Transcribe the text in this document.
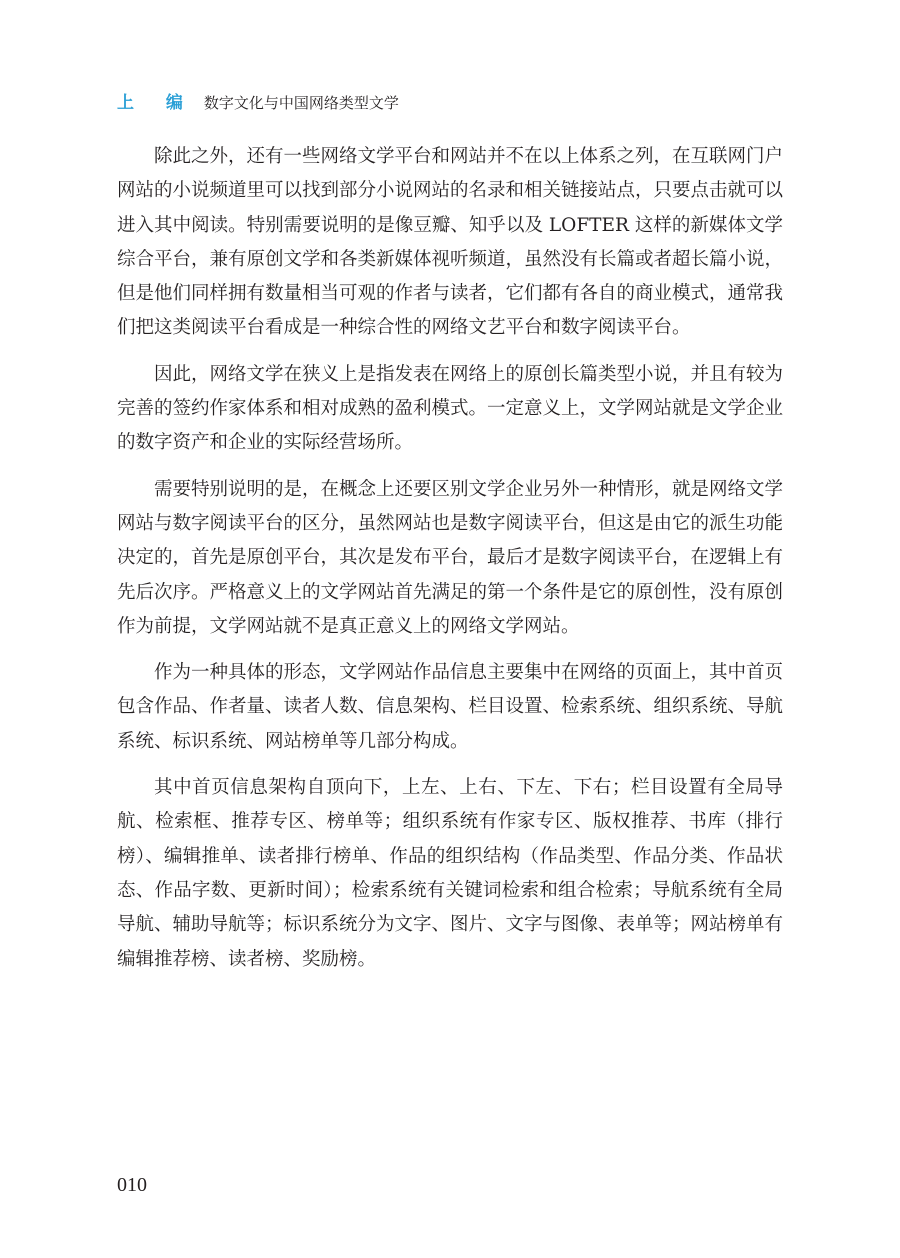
上 编 数字文化与中国网络类型文学

除此之外，还有一些网络文学平台和网站并不在以上体系之列，在互联网门户网站的小说频道里可以找到部分小说网站的名录和相关链接站点，只要点击就可以进入其中阅读。特别需要说明的是像豆瓣、知乎以及 LOFTER 这样的新媒体文学综合平台，兼有原创文学和各类新媒体视听频道，虽然没有长篇或者超长篇小说，但是他们同样拥有数量相当可观的作者与读者，它们都有各自的商业模式，通常我们把这类阅读平台看成是一种综合性的网络文艺平台和数字阅读平台。

因此，网络文学在狭义上是指发表在网络上的原创长篇类型小说，并且有较为完善的签约作家体系和相对成熟的盈利模式。一定意义上，文学网站就是文学企业的数字资产和企业的实际经营场所。

需要特别说明的是，在概念上还要区别文学企业另外一种情形，就是网络文学网站与数字阅读平台的区分，虽然网站也是数字阅读平台，但这是由它的派生功能决定的，首先是原创平台，其次是发布平台，最后才是数字阅读平台，在逻辑上有先后次序。严格意义上的文学网站首先满足的第一个条件是它的原创性，没有原创作为前提，文学网站就不是真正意义上的网络文学网站。

作为一种具体的形态，文学网站作品信息主要集中在网络的页面上，其中首页包含作品、作者量、读者人数、信息架构、栏目设置、检索系统、组织系统、导航系统、标识系统、网站榜单等几部分构成。

其中首页信息架构自顶向下，上左、上右、下左、下右；栏目设置有全局导航、检索框、推荐专区、榜单等；组织系统有作家专区、版权推荐、书库（排行榜）、编辑推单、读者排行榜单、作品的组织结构（作品类型、作品分类、作品状态、作品字数、更新时间）；检索系统有关键词检索和组合检索；导航系统有全局导航、辅助导航等；标识系统分为文字、图片、文字与图像、表单等；网站榜单有编辑推荐榜、读者榜、奖励榜。

010
